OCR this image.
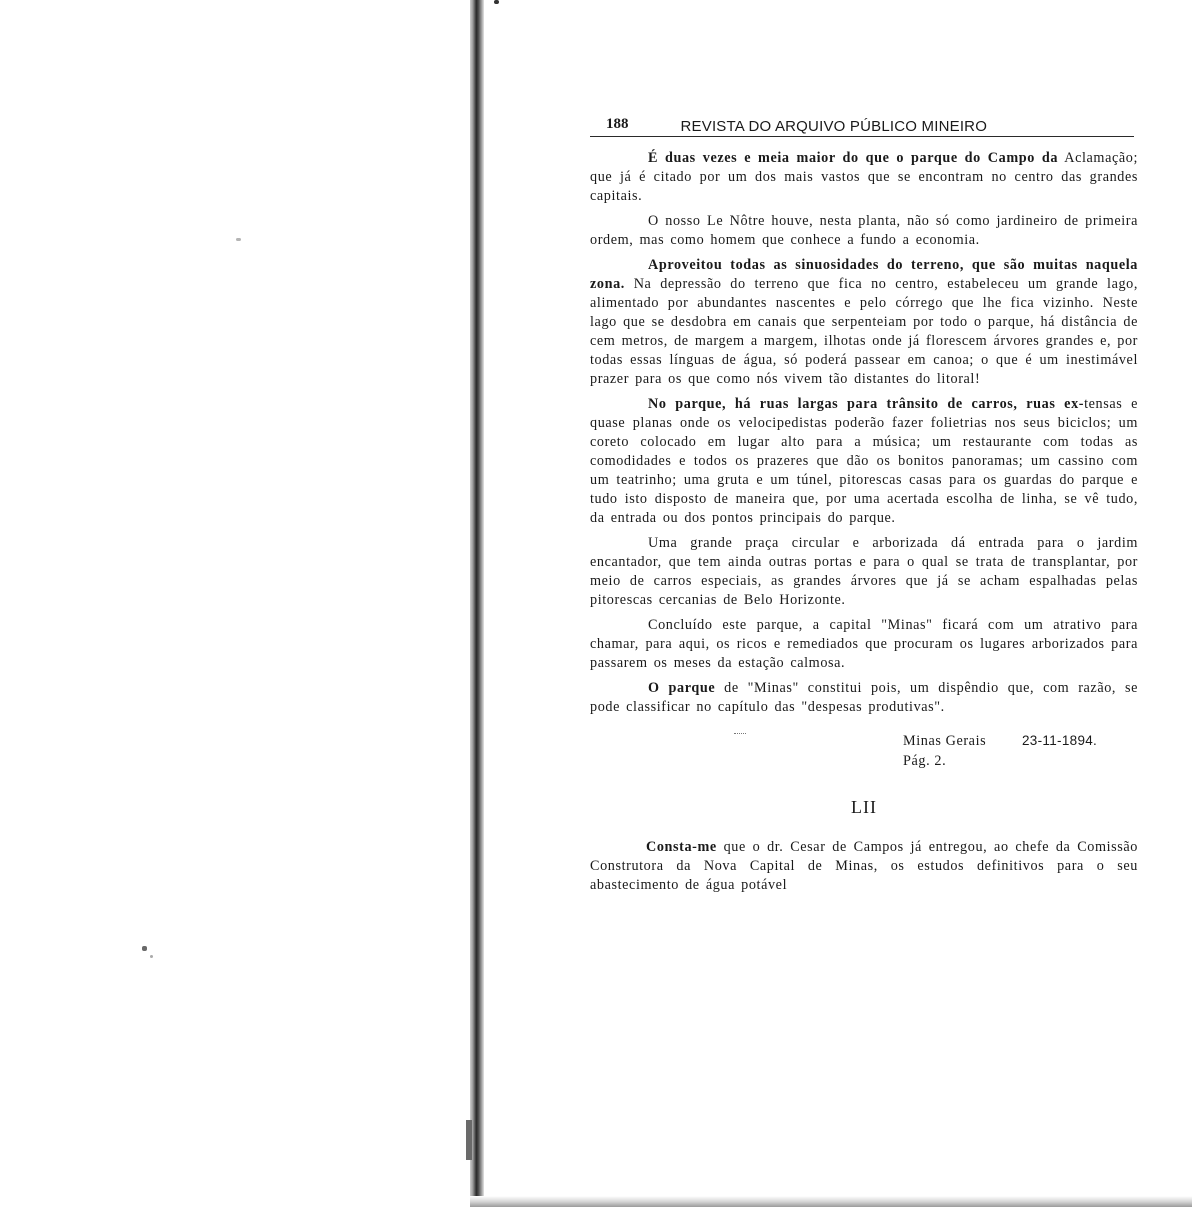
188	REVISTA DO ARQUIVO PÚBLICO MINEIRO

É duas vezes e meia maior do que o parque do Campo da Aclamação; que já é citado por um dos mais vastos que se encontram no centro das grandes capitais.

O nosso Le Nôtre houve, nesta planta, não só como jardineiro de primeira ordem, mas como homem que conhece a fundo a economia.

Aproveitou todas as sinuosidades do terreno, que são muitas naquela zona. Na depressão do terreno que fica no centro, estabeleceu um grande lago, alimentado por abundantes nascentes e pelo córrego que lhe fica vizinho. Neste lago que se desdobra em canais que serpenteiam por todo o parque, há distância de cem metros, de margem a margem, ilhotas onde já florescem árvores grandes e, por todas essas línguas de água, só poderá passear em canoa; o que é um inestimável prazer para os que como nós vivem tão distantes do litoral!

No parque, há ruas largas para trânsito de carros, ruas ex-tensas e quase planas onde os velocipedistas poderão fazer folietrias nos seus biciclos; um coreto colocado em lugar alto para a música; um restaurante com todas as comodidades e todos os prazeres que dão os bonitos panoramas; um cassino com um teatrinho; uma gruta e um túnel, pitorescas casas para os guardas do parque e tudo isto disposto de maneira que, por uma acertada escolha de linha, se vê tudo, da entrada ou dos pontos principais do parque.

Uma grande praça circular e arborizada dá entrada para o jardim encantador, que tem ainda outras portas e para o qual se trata de transplantar, por meio de carros especiais, as grandes árvores que já se acham espalhadas pelas pitorescas cercanias de Belo Horizonte.

Concluído este parque, a capital "Minas" ficará com um atrativo para chamar, para aqui, os ricos e remediados que procuram os lugares arborizados para passarem os meses da estação calmosa.

O parque de "Minas" constitui pois, um dispêndio que, com razão, se pode classificar no capítulo das "despesas produtivas".

Minas Gerais	23-11-1894.
Pág. 2.
LII

Consta-me que o dr. Cesar de Campos já entregou, ao chefe da Comissão Construtora da Nova Capital de Minas, os estudos definitivos para o seu abastecimento de água potável
